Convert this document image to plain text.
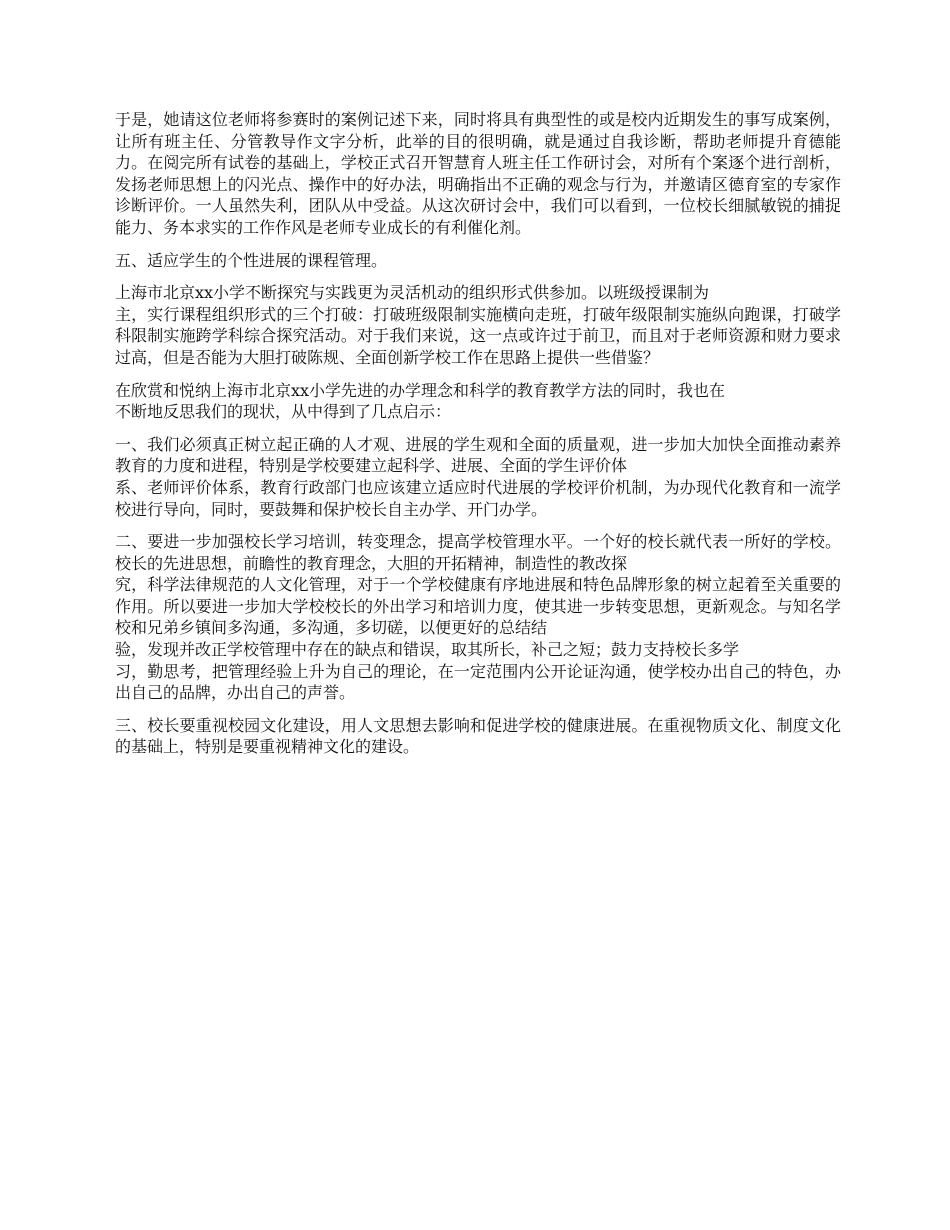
于是，她请这位老师将参赛时的案例记述下来，同时将具有典型性的或是校内近期发生的事写成案例，让所有班主任、分管教导作文字分析，此举的目的很明确，就是通过自我诊断，帮助老师提升育德能力。在阅完所有试卷的基础上，学校正式召开智慧育人班主任工作研讨会，对所有个案逐个进行剖析，发扬老师思想上的闪光点、操作中的好办法，明确指出不正确的观念与行为，并邀请区德育室的专家作诊断评价。一人虽然失利，团队从中受益。从这次研讨会中，我们可以看到，一位校长细腻敏锐的捕捉能力、务本求实的工作作风是老师专业成长的有利催化剂。

五、适应学生的个性进展的课程管理。

上海市北京xx小学不断探究与实践更为灵活机动的组织形式供参加。以班级授课制为
主，实行课程组织形式的三个打破：打破班级限制实施横向走班，打破年级限制实施纵向跑课，打破学科限制实施跨学科综合探究活动。对于我们来说，这一点或许过于前卫，而且对于老师资源和财力要求过高，但是否能为大胆打破陈规、全面创新学校工作在思路上提供一些借鉴？

在欣赏和悦纳上海市北京xx小学先进的办学理念和科学的教育教学方法的同时，我也在
不断地反思我们的现状，从中得到了几点启示：

一、我们必须真正树立起正确的人才观、进展的学生观和全面的质量观，进一步加大加快全面推动素养教育的力度和进程，特别是学校要建立起科学、进展、全面的学生评价体
系、老师评价体系，教育行政部门也应该建立适应时代进展的学校评价机制，为办现代化教育和一流学校进行导向，同时，要鼓舞和保护校长自主办学、开门办学。

二、要进一步加强校长学习培训，转变理念，提高学校管理水平。一个好的校长就代表一所好的学校。校长的先进思想，前瞻性的教育理念，大胆的开拓精神，制造性的教改探
究，科学法律规范的人文化管理，对于一个学校健康有序地进展和特色品牌形象的树立起着至关重要的作用。所以要进一步加大学校校长的外出学习和培训力度，使其进一步转变思想，更新观念。与知名学校和兄弟乡镇间多沟通，多沟通，多切磋，以便更好的总结结
验，发现并改正学校管理中存在的缺点和错误，取其所长，补己之短；鼓力支持校长多学
习，勤思考，把管理经验上升为自己的理论，在一定范围内公开论证沟通，使学校办出自己的特色，办出自己的品牌，办出自己的声誉。

三、校长要重视校园文化建设，用人文思想去影响和促进学校的健康进展。在重视物质文化、制度文化的基础上，特别是要重视精神文化的建设。
